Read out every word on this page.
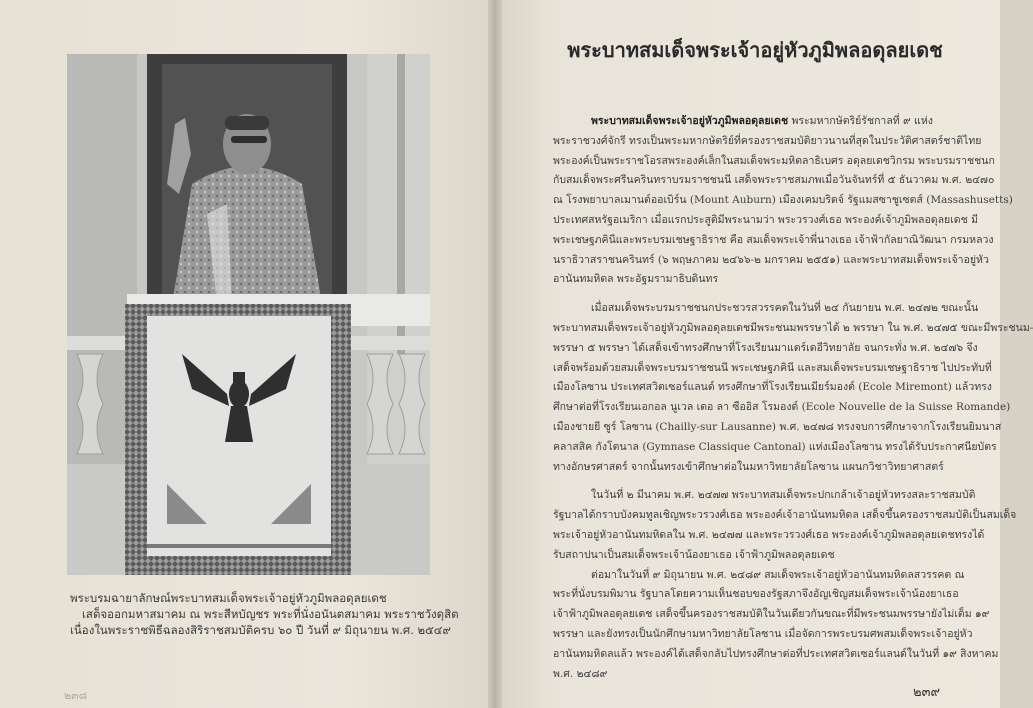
พระบรมฉายาลักษณ์พระบาทสมเด็จพระเจ้าอยู่หัวภูมิพลอดุลยเดช

เสด็จออกมหาสมาคม ณ พระสีหบัญชร พระที่นั่งอนันตสมาคม พระราชวังดุสิต

เนื่องในพระราชพิธีฉลองสิริราชสมบัติครบ ๖๐ ปี วันที่ ๙ มิถุนายน พ.ศ. ๒๕๔๙

๒๓๘
พระบาทสมเด็จพระเจ้าอยู่หัวภูมิพลอดุลยเดช

พระบาทสมเด็จพระเจ้าอยู่หัวภูมิพลอดุลยเดช พระมหากษัตริย์รัชกาลที่ ๙ แห่ง

พระราชวงศ์จักรี ทรงเป็นพระมหากษัตริย์ที่ครองราชสมบัติยาวนานที่สุดในประวัติศาสตร์ชาติไทย

พระองค์เป็นพระราชโอรสพระองค์เล็กในสมเด็จพระมหิตลาธิเบศร อดุลยเดชวิกรม พระบรมราชชนก

กับสมเด็จพระศรีนครินทราบรมราชชนนี เสด็จพระราชสมภพเมื่อวันจันทร์ที่ ๕ ธันวาคม พ.ศ. ๒๔๗๐

ณ โรงพยาบาลเมานต์ออเบิร์น (Mount Auburn) เมืองเคมบริดจ์ รัฐแมสซาชูเซตส์ (Massashusetts)

ประเทศสหรัฐอเมริกา เมื่อแรกประสูติมีพระนามว่า พระวรวงศ์เธอ พระองค์เจ้าภูมิพลอดุลยเดช มี

พระเชษฐภคินีและพระบรมเชษฐาธิราช คือ สมเด็จพระเจ้าพี่นางเธอ เจ้าฟ้ากัลยาณิวัฒนา กรมหลวง

นราธิวาสราชนครินทร์ (๖ พฤษภาคม ๒๔๖๖-๒ มกราคม ๒๕๕๑) และพระบาทสมเด็จพระเจ้าอยู่หัว

อานันทมหิดล พระอัฐมรามาธิบดินทร

เมื่อสมเด็จพระบรมราชชนกประชวรสวรรคตในวันที่ ๒๔ กันยายน พ.ศ. ๒๔๗๒ ขณะนั้น

พระบาทสมเด็จพระเจ้าอยู่หัวภูมิพลอดุลยเดชมีพระชนมพรรษาได้ ๒ พรรษา ใน พ.ศ. ๒๔๗๕ ขณะมีพระชนม-

พรรษา ๕ พรรษา ได้เสด็จเข้าทรงศึกษาที่โรงเรียนมาแตร์เดอีวิทยาลัย จนกระทั่ง พ.ศ. ๒๔๗๖ จึง

เสด็จพร้อมด้วยสมเด็จพระบรมราชชนนี พระเชษฐภคินี และสมเด็จพระบรมเชษฐาธิราช ไปประทับที่

เมืองโลซาน ประเทศสวิตเซอร์แลนด์ ทรงศึกษาที่โรงเรียนเมียร์มองต์ (Ecole Miremont) แล้วทรง

ศึกษาต่อที่โรงเรียนเอกอล นูเวล เดอ ลา ซืออิส โรมองด์ (Ecole Nouvelle de la Suisse Romande)

เมืองชายยี ซูร์ โลซาน (Chailly-sur Lausanne) พ.ศ. ๒๔๗๘ ทรงจบการศึกษาจากโรงเรียนยิมนาส

คลาสสิค กังโตนาล (Gymnase Classique Cantonal) แห่งเมืองโลซาน ทรงได้รับประกาศนียบัตร

ทางอักษรศาสตร์ จากนั้นทรงเข้าศึกษาต่อในมหาวิทยาลัยโลซาน แผนกวิชาวิทยาศาสตร์

ในวันที่ ๒ มีนาคม พ.ศ. ๒๔๗๗ พระบาทสมเด็จพระปกเกล้าเจ้าอยู่หัวทรงสละราชสมบัติ

รัฐบาลได้กราบบังคมทูลเชิญพระวรวงศ์เธอ พระองค์เจ้าอานันทมหิดล เสด็จขึ้นครองราชสมบัติเป็นสมเด็จ

พระเจ้าอยู่หัวอานันทมหิดลใน พ.ศ. ๒๔๗๗ และพระวรวงศ์เธอ พระองค์เจ้าภูมิพลอดุลยเดชทรงได้

รับสถาปนาเป็นสมเด็จพระเจ้าน้องยาเธอ เจ้าฟ้าภูมิพลอดุลยเดช

ต่อมาในวันที่ ๙ มิถุนายน พ.ศ. ๒๔๘๙ สมเด็จพระเจ้าอยู่หัวอานันทมหิดลสวรรคต ณ

พระที่นั่งบรมพิมาน รัฐบาลโดยความเห็นชอบของรัฐสภาจึงอัญเชิญสมเด็จพระเจ้าน้องยาเธอ

เจ้าฟ้าภูมิพลอดุลยเดช เสด็จขึ้นครองราชสมบัติในวันเดียวกันขณะที่มีพระชนมพรรษายังไม่เต็ม ๑๙

พรรษา และยังทรงเป็นนักศึกษามหาวิทยาลัยโลซาน เมื่อจัดการพระบรมศพสมเด็จพระเจ้าอยู่หัว

อานันทมหิดลแล้ว พระองค์ได้เสด็จกลับไปทรงศึกษาต่อที่ประเทศสวิตเซอร์แลนด์ในวันที่ ๑๙ สิงหาคม

พ.ศ. ๒๔๘๙

๒๓๙
